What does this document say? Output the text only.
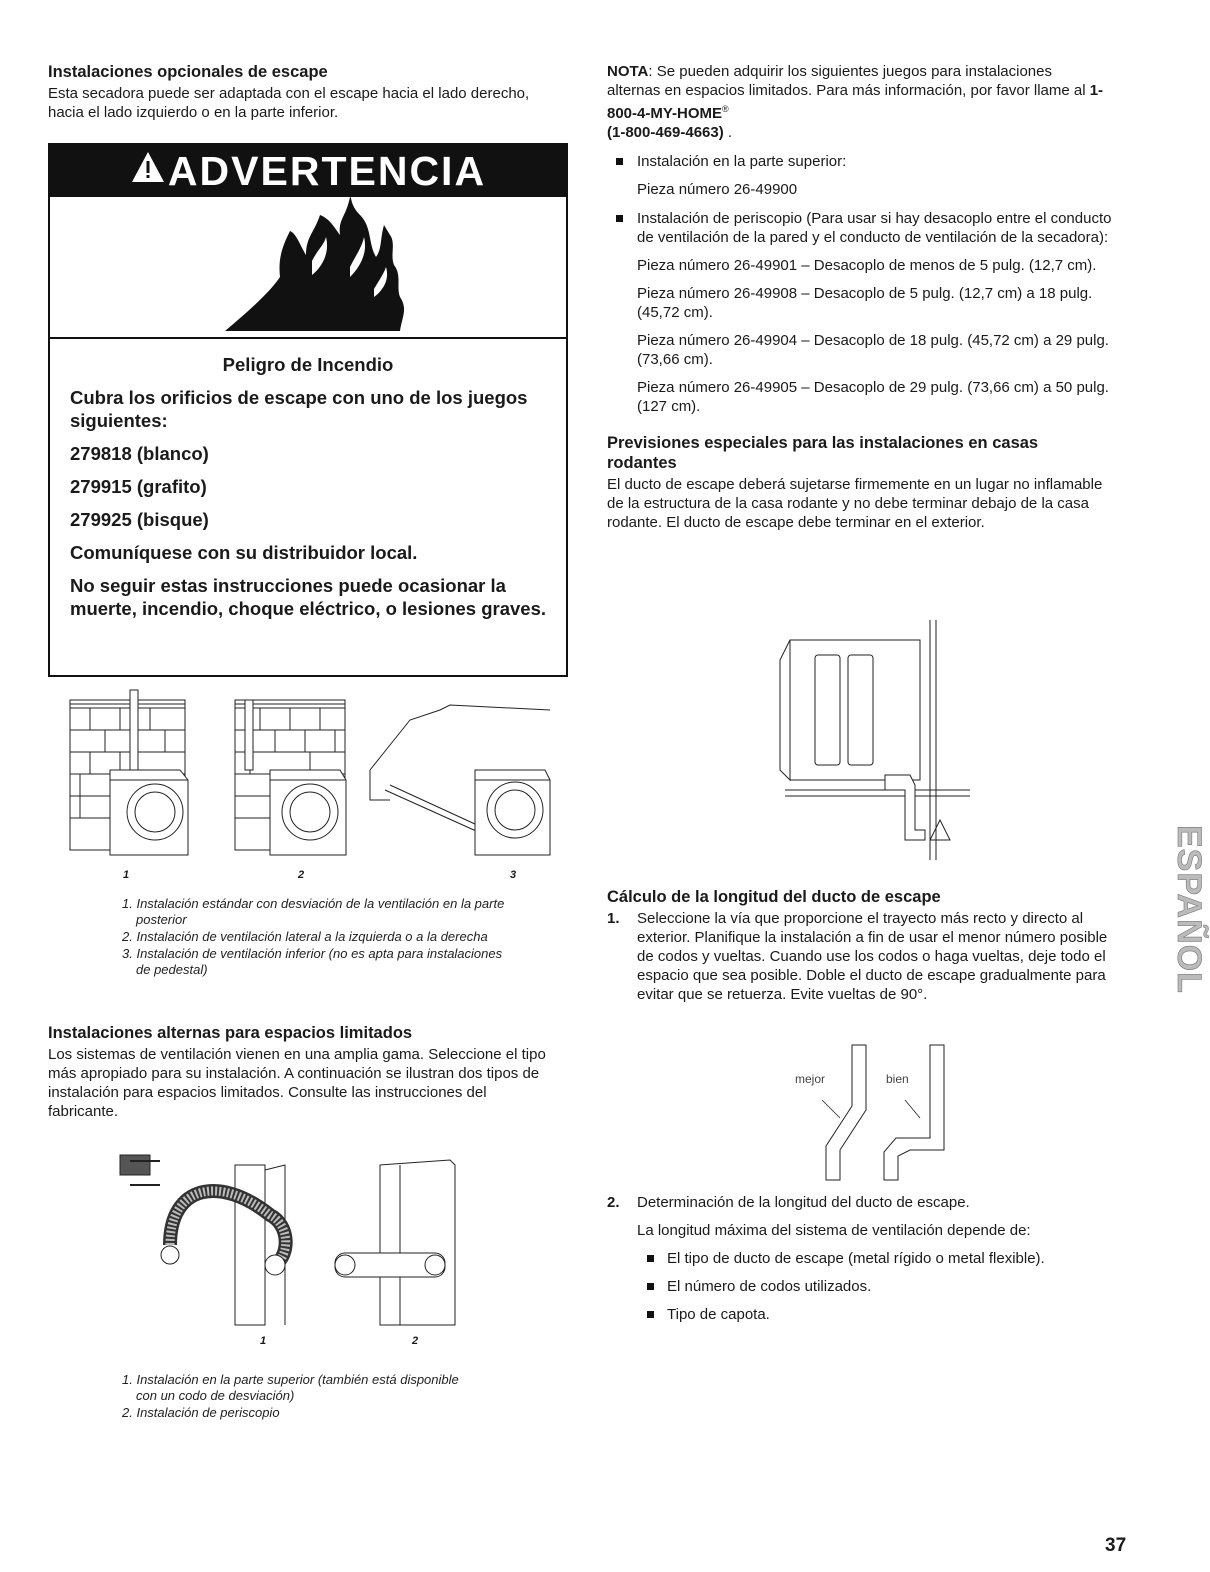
Instalaciones opcionales de escape

Esta secadora puede ser adaptada con el escape hacia el lado derecho, hacia el lado izquierdo o en la parte inferior.

ADVERTENCIA
Peligro de Incendio
Cubra los orificios de escape con uno de los juegos siguientes:
279818 (blanco)
279915 (grafito)
279925 (bisque)
Comuníquese con su distribuidor local.
No seguir estas instrucciones puede ocasionar la muerte, incendio, choque eléctrico, o lesiones graves.
1	2	3
1. Instalación estándar con desviación de la ventilación en la parte posterior
2. Instalación de ventilación lateral a la izquierda o a la derecha
3. Instalación de ventilación inferior (no es apta para instalaciones de pedestal)
Instalaciones alternas para espacios limitados

Los sistemas de ventilación vienen en una amplia gama. Seleccione el tipo más apropiado para su instalación. A continuación se ilustran dos tipos de instalación para espacios limitados. Consulte las instrucciones del fabricante.

1	2
1. Instalación en la parte superior (también está disponible con un codo de desviación)
2. Instalación de periscopio

NOTA: Se pueden adquirir los siguientes juegos para instalaciones alternas en espacios limitados. Para más información, por favor llame al 1-800-4-MY-HOME®
(1-800-469-4663) .

Instalación en la parte superior:
Pieza número 26-49900
Instalación de periscopio (Para usar si hay desacoplo entre el conducto de ventilación de la pared y el conducto de ventilación de la secadora):
Pieza número 26-49901 – Desacoplo de menos de 5 pulg. (12,7 cm).
Pieza número 26-49908 – Desacoplo de 5 pulg. (12,7 cm) a 18 pulg. (45,72 cm).
Pieza número 26-49904 – Desacoplo de 18 pulg. (45,72 cm) a 29 pulg. (73,66 cm).
Pieza número 26-49905 – Desacoplo de 29 pulg. (73,66 cm) a 50 pulg. (127 cm).
Previsiones especiales para las instalaciones en casas rodantes

El ducto de escape deberá sujetarse firmemente en un lugar no inflamable de la estructura de la casa rodante y no debe terminar debajo de la casa rodante. El ducto de escape debe terminar en el exterior.

Cálculo de la longitud del ducto de escape
1. Seleccione la vía que proporcione el trayecto más recto y directo al exterior. Planifique la instalación a fin de usar el menor número posible de codos y vueltas. Cuando use los codos o haga vueltas, deje todo el espacio que sea posible. Doble el ducto de escape gradualmente para evitar que se retuerza. Evite vueltas de 90°.
mejor	bien
2. Determinación de la longitud del ducto de escape.
La longitud máxima del sistema de ventilación depende de:
El tipo de ducto de escape (metal rígido o metal flexible).
El número de codos utilizados.
Tipo de capota.
ESPAÑOL
37
